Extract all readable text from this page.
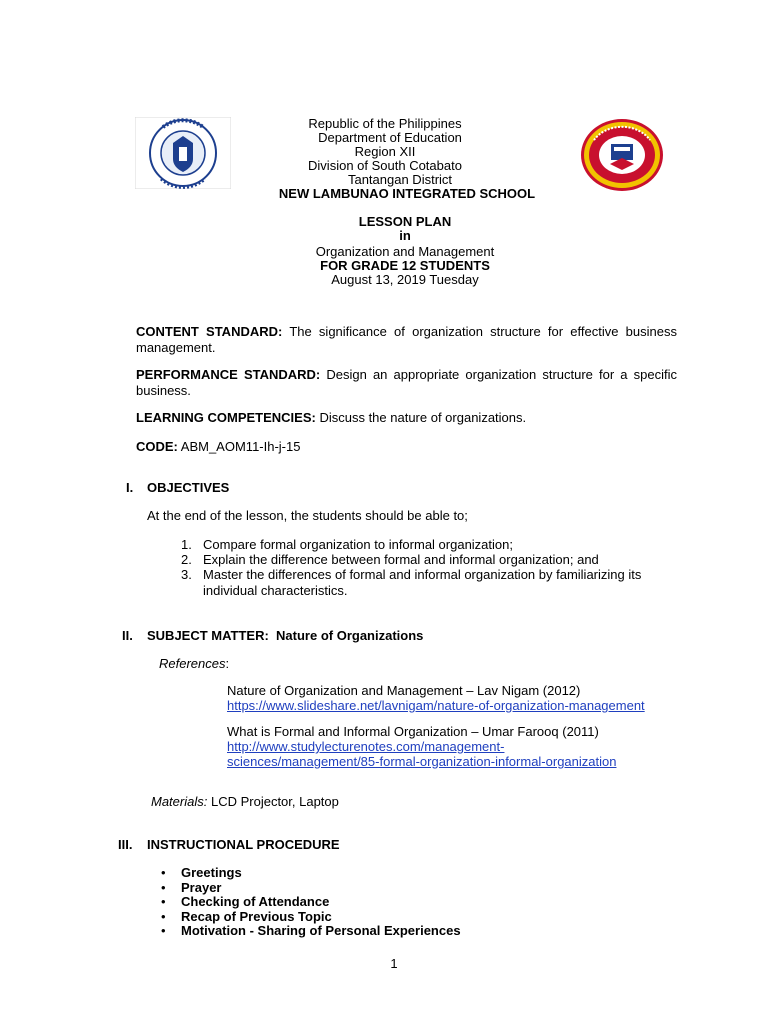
Republic of the Philippines
Department of Education
Region XII
Division of South Cotabato
Tantangan District
NEW LAMBUNAO INTEGRATED SCHOOL
LESSON PLAN
in
Organization and Management
FOR GRADE 12 STUDENTS
August 13, 2019 Tuesday
CONTENT STANDARD: The significance of organization structure for effective business management.
PERFORMANCE STANDARD: Design an appropriate organization structure for a specific business.
LEARNING COMPETENCIES: Discuss the nature of organizations.
CODE: ABM_AOM11-Ih-j-15
I. OBJECTIVES
At the end of the lesson, the students should be able to;
1. Compare formal organization to informal organization;
2. Explain the difference between formal and informal organization; and
3. Master the differences of formal and informal organization by familiarizing its individual characteristics.
II. SUBJECT MATTER:  Nature of Organizations
References:
Nature of Organization and Management – Lav Nigam (2012)
https://www.slideshare.net/lavnigam/nature-of-organization-management
What is Formal and Informal Organization – Umar Farooq (2011)
http://www.studylecturenotes.com/management-
sciences/management/85-formal-organization-informal-organization
Materials: LCD Projector, Laptop
III. INSTRUCTIONAL PROCEDURE
• Greetings
• Prayer
• Checking of Attendance
• Recap of Previous Topic
• Motivation - Sharing of Personal Experiences
1
